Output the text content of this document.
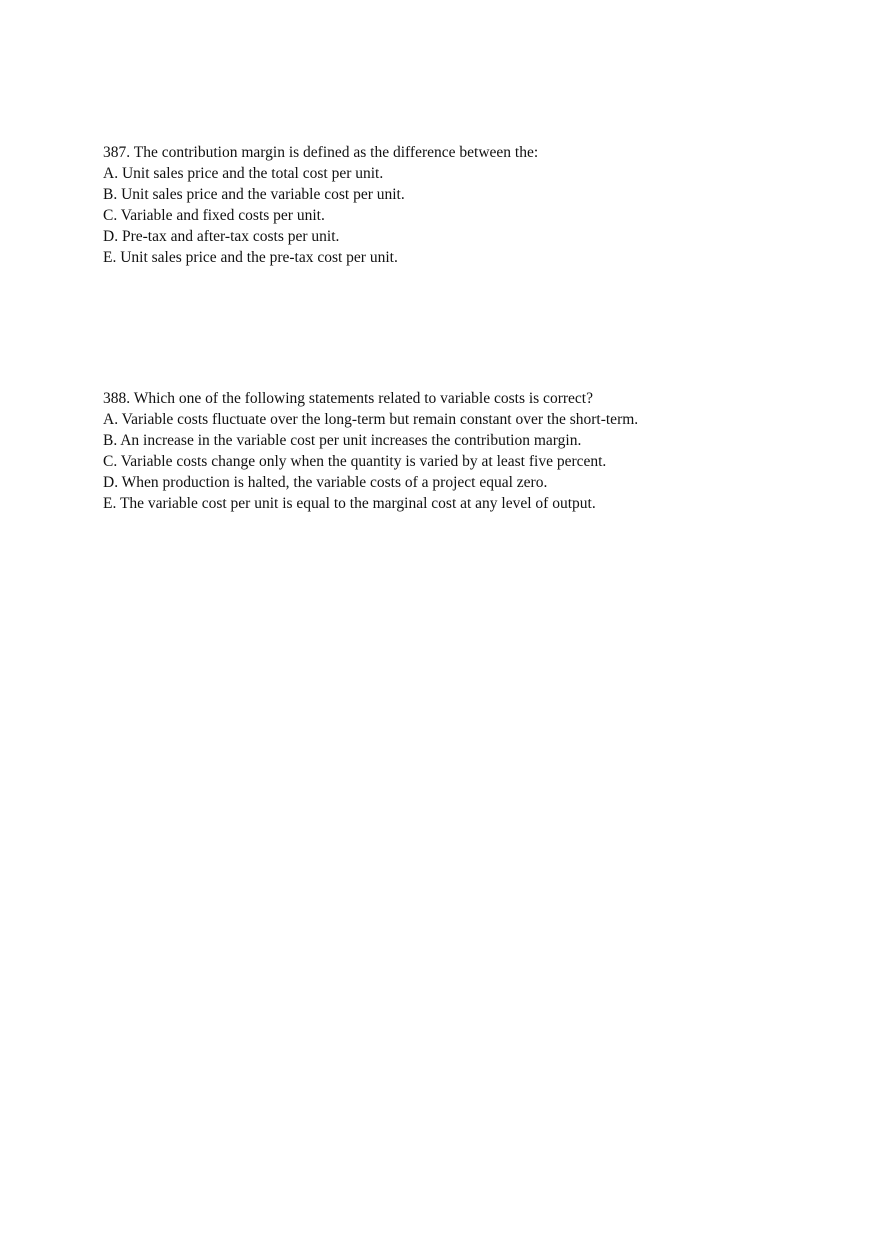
387. The contribution margin is defined as the difference between the:
A. Unit sales price and the total cost per unit.
B. Unit sales price and the variable cost per unit.
C. Variable and fixed costs per unit.
D. Pre-tax and after-tax costs per unit.
E. Unit sales price and the pre-tax cost per unit.
388. Which one of the following statements related to variable costs is correct?
A. Variable costs fluctuate over the long-term but remain constant over the short-term.
B. An increase in the variable cost per unit increases the contribution margin.
C. Variable costs change only when the quantity is varied by at least five percent.
D. When production is halted, the variable costs of a project equal zero.
E. The variable cost per unit is equal to the marginal cost at any level of output.
